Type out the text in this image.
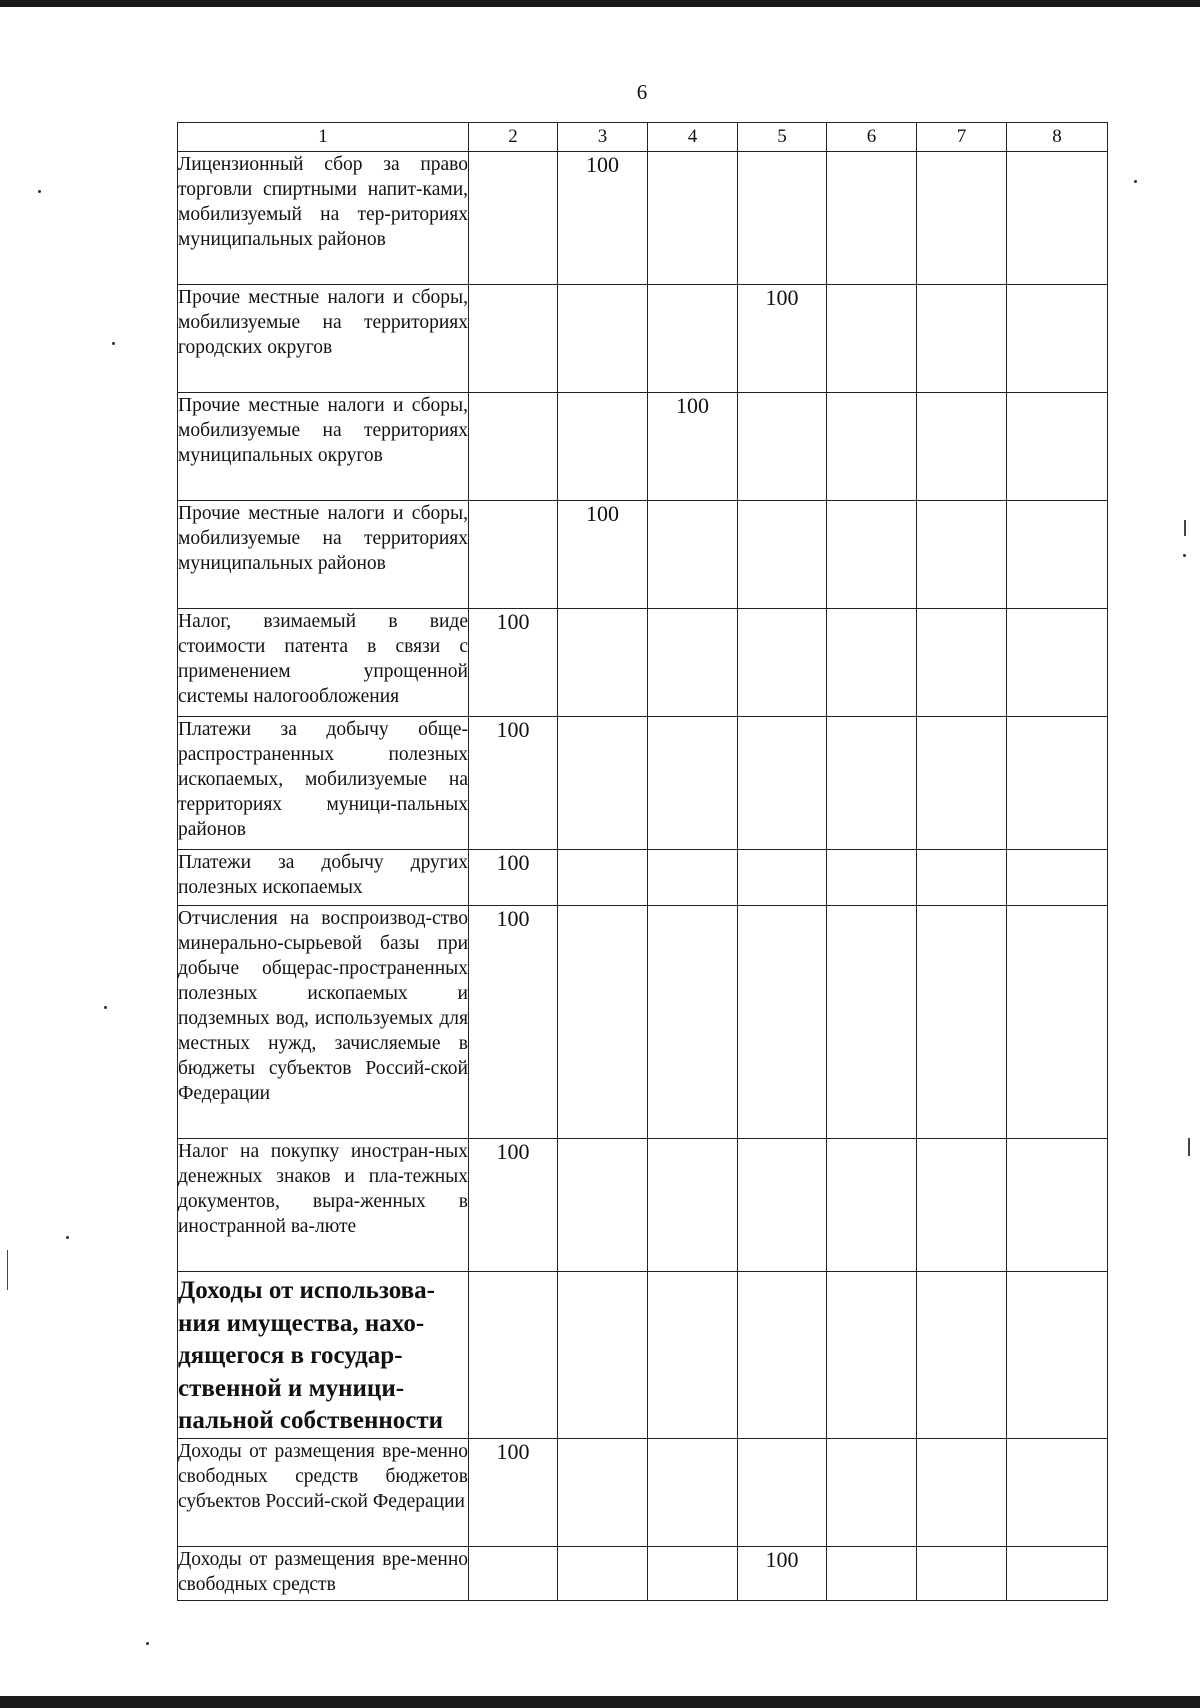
6
1	2	3	4	5	6	7	8
Лицензионный сбор за право торговли спиртными напит-ками, мобилизуемый на тер-риториях муниципальных районов		100					
Прочие местные налоги и сборы, мобилизуемые на территориях городских округов				100			
Прочие местные налоги и сборы, мобилизуемые на территориях муниципальных округов			100				
Прочие местные налоги и сборы, мобилизуемые на территориях муниципальных районов		100					
Налог, взимаемый в виде стоимости патента в связи с применением упрощенной системы налогообложения	100						
Платежи за добычу обще-распространенных полезных ископаемых, мобилизуемые на территориях муници-пальных районов	100						
Платежи за добычу других полезных ископаемых	100						
Отчисления на воспроизвод-ство минерально-сырьевой базы при добыче общерас-пространенных полезных ископаемых и подземных вод, используемых для местных нужд, зачисляемые в бюджеты субъектов Россий-ской Федерации	100						
Налог на покупку иностран-ных денежных знаков и пла-тежных документов, выра-женных в иностранной ва-люте	100						
Доходы от использова-ния имущества, нахо-дящегося в государ-ственной и муници-пальной собственности							
Доходы от размещения вре-менно свободных средств бюджетов субъектов Россий-ской Федерации	100						
Доходы от размещения вре-менно свободных средств				100			
